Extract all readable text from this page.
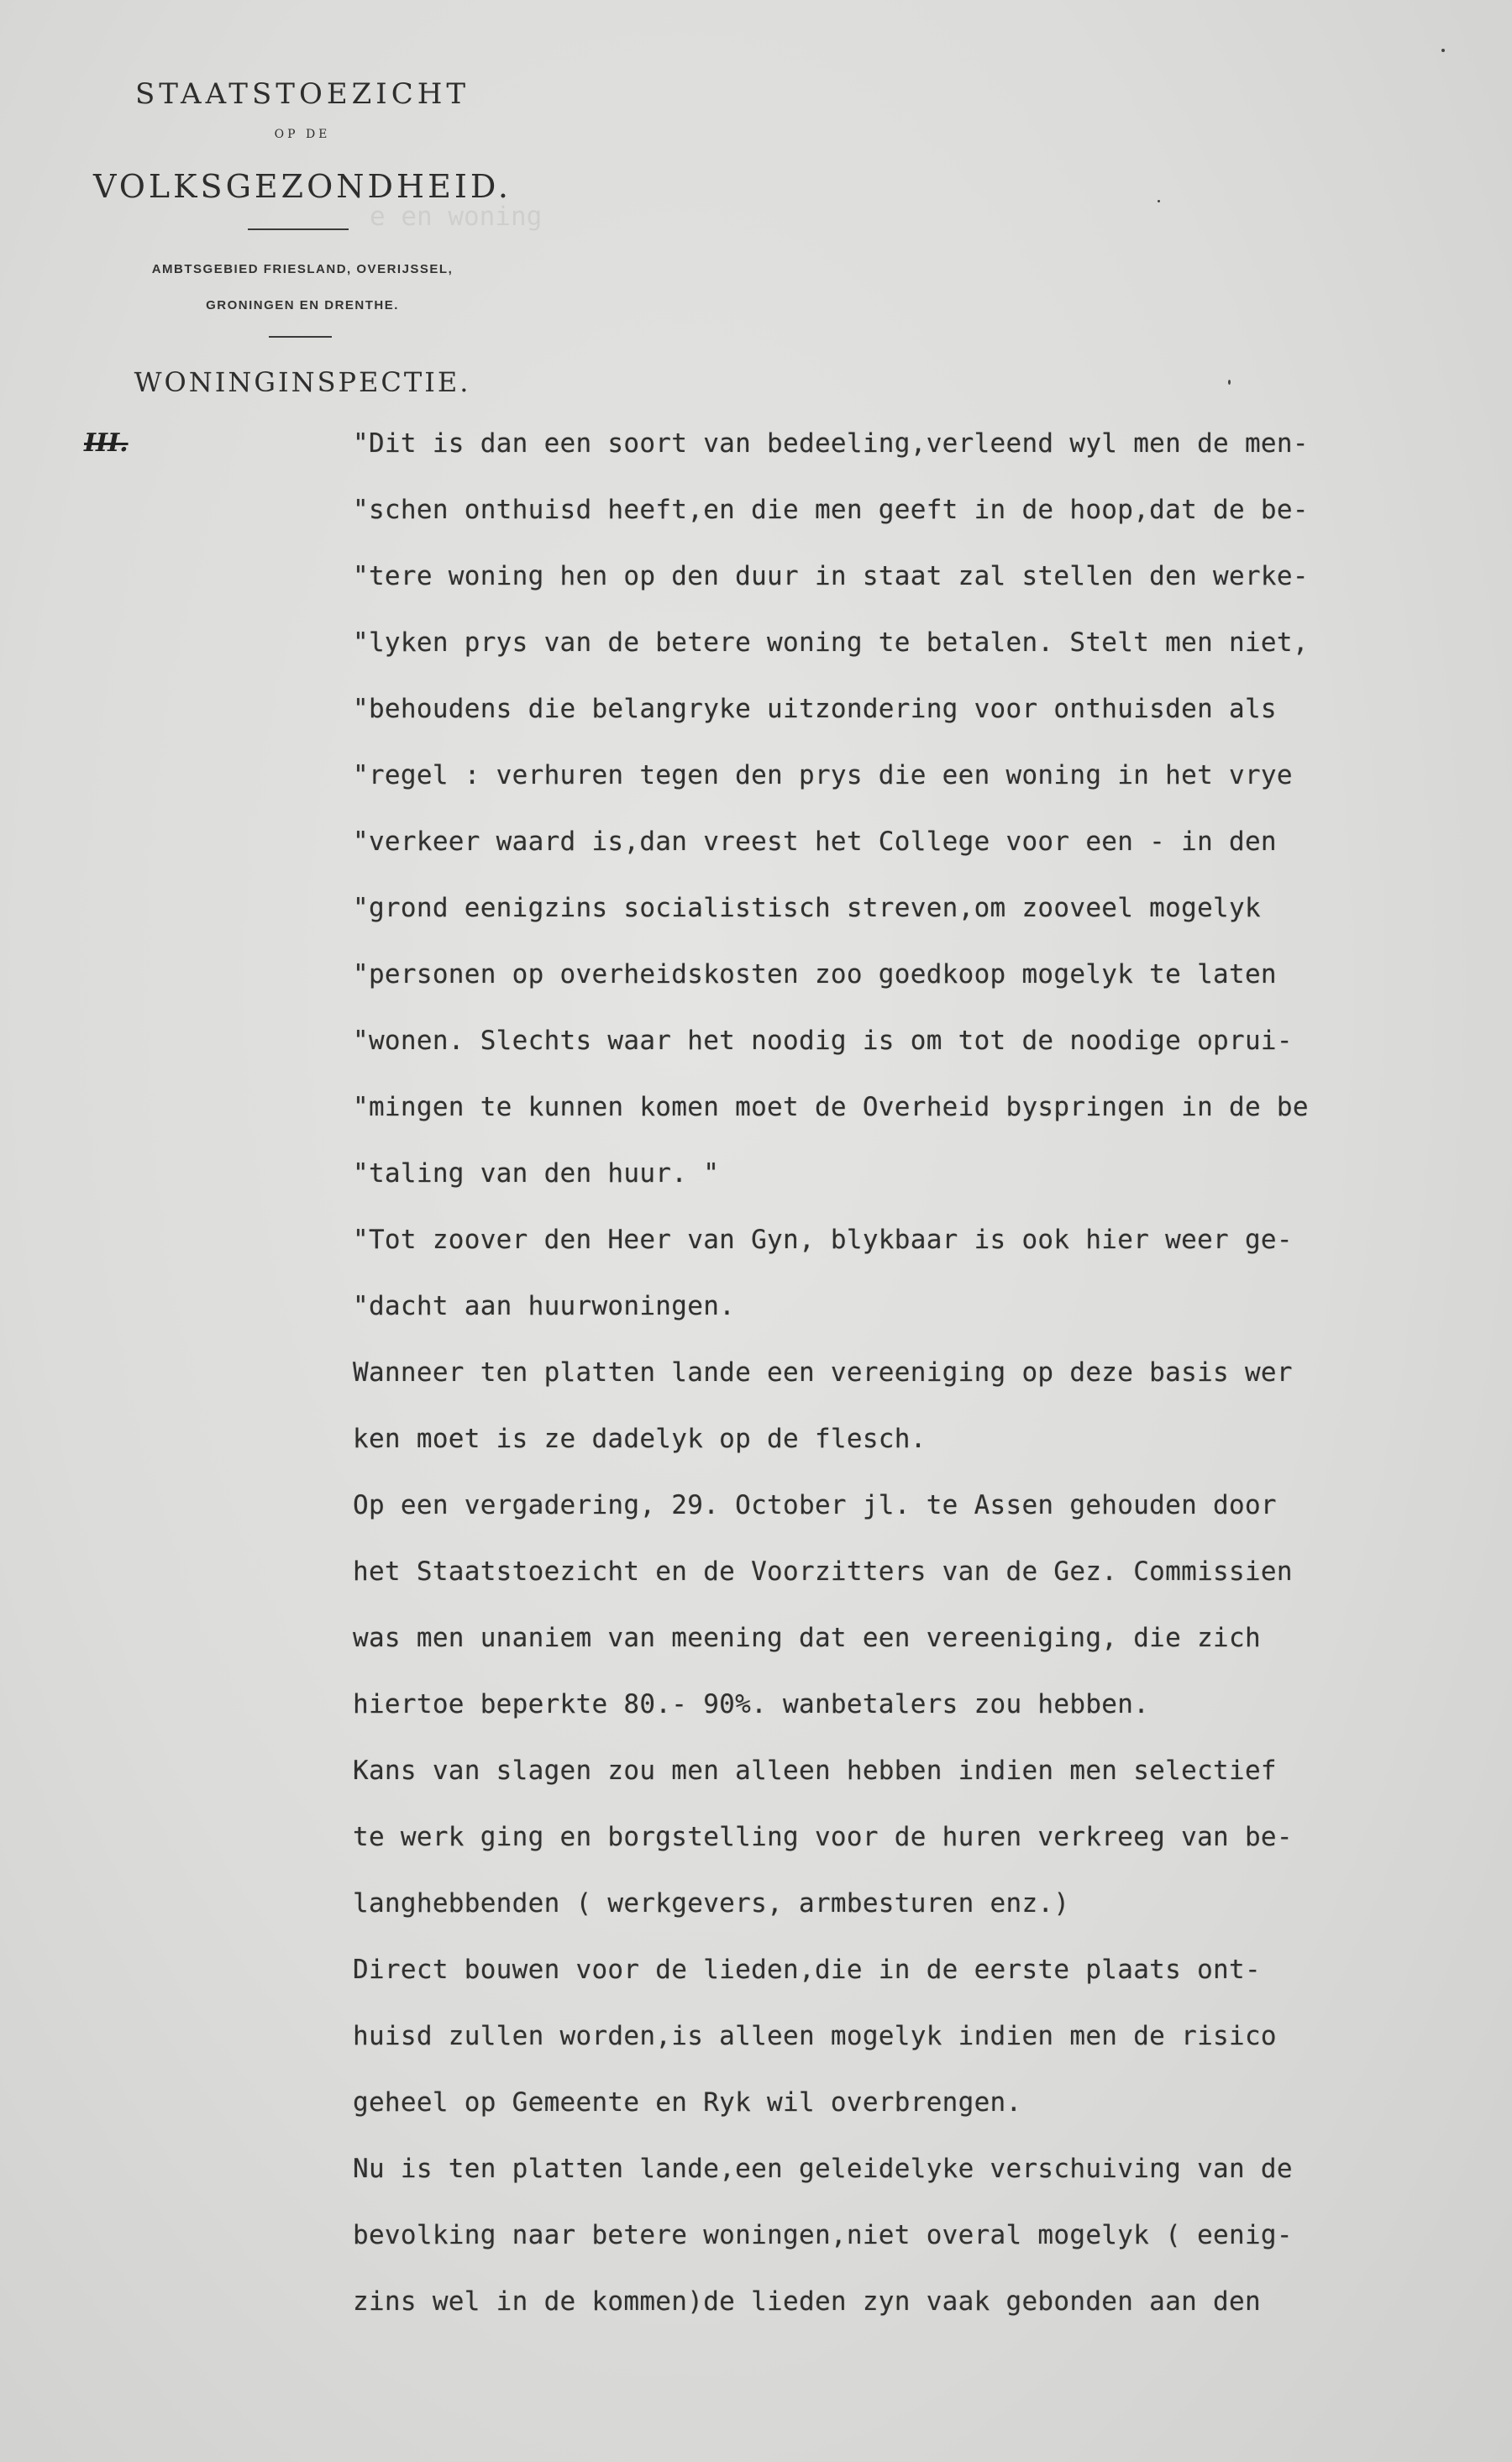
e en woning

STAATSTOEZICHT
OP DE
VOLKSGEZONDHEID.
AMBTSGEBIED FRIESLAND, OVERIJSSEL,
GRONINGEN EN DRENTHE.
WONINGINSPECTIE.
III.	"Dit is dan een soort van bedeeling,verleend wyl men de men-
"schen onthuisd heeft,en die men geeft in de hoop,dat de be-
"tere woning hen op den duur in staat zal stellen den werke-
"lyken prys van de betere woning te betalen. Stelt men niet,
"behoudens die belangryke uitzondering voor onthuisden als
"regel : verhuren tegen den prys die een woning in het vrye
"verkeer waard is,dan vreest het College voor een - in den
"grond eenigzins socialistisch streven,om zooveel mogelyk
"personen op overheidskosten zoo goedkoop mogelyk te laten
"wonen. Slechts waar het noodig is om tot de noodige oprui-
"mingen te kunnen komen moet de Overheid byspringen in de be
"taling van den huur. "
"Tot zoover den Heer van Gyn, blykbaar is ook hier weer ge-
"dacht aan huurwoningen.
Wanneer ten platten lande een vereeniging op deze basis wer
ken moet is ze dadelyk op de flesch.
Op een vergadering, 29. October jl. te Assen gehouden door
het Staatstoezicht en de Voorzitters van de Gez. Commissien
was men unaniem van meening dat een vereeniging, die zich
hiertoe beperkte 80.- 90%. wanbetalers zou hebben.
Kans van slagen zou men alleen hebben indien men selectief
te werk ging en borgstelling voor de huren verkreeg van be-
langhebbenden ( werkgevers, armbesturen enz.)
Direct bouwen voor de lieden,die in de eerste plaats ont-
huisd zullen worden,is alleen mogelyk indien men de risico
geheel op Gemeente en Ryk wil overbrengen.
Nu is ten platten lande,een geleidelyke verschuiving van de
bevolking naar betere woningen,niet overal mogelyk ( eenig-
zins wel in de kommen)de lieden zyn vaak gebonden aan den
